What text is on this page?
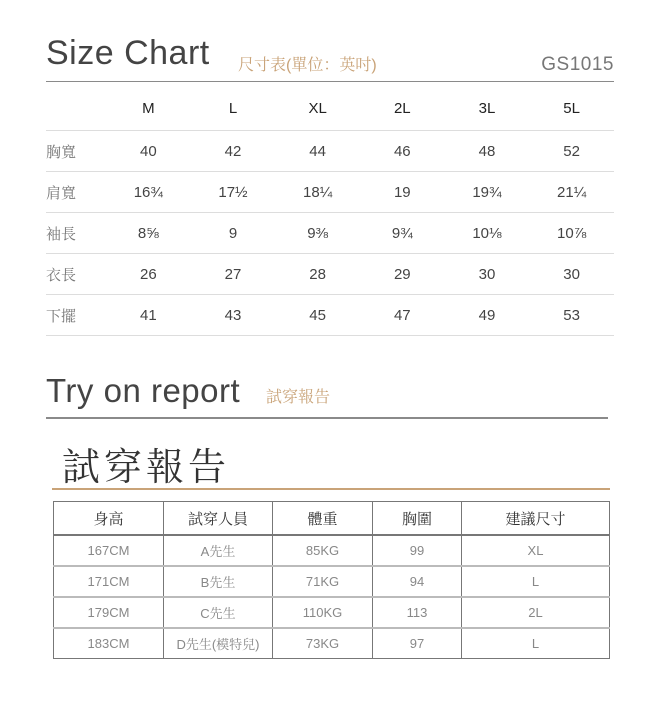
Size Chart 尺寸表(單位：英吋)	GS1015
	M	L	XL	2L	3L	5L
胸寬	40	42	44	46	48	52
肩寬	16¾	17½	18¼	19	19¾	21¼
袖長	8⅝	9	9⅜	9¾	10⅛	10⅞
衣長	26	27	28	29	30	30
下擺	41	43	45	47	49	53
Try on report 試穿報告
試穿報告
身高	試穿人員	體重	胸圍	建議尺寸
167CM	A先生	85KG	99	XL
171CM	B先生	71KG	94	L
179CM	C先生	110KG	113	2L
183CM	D先生(模特兒)	73KG	97	L
